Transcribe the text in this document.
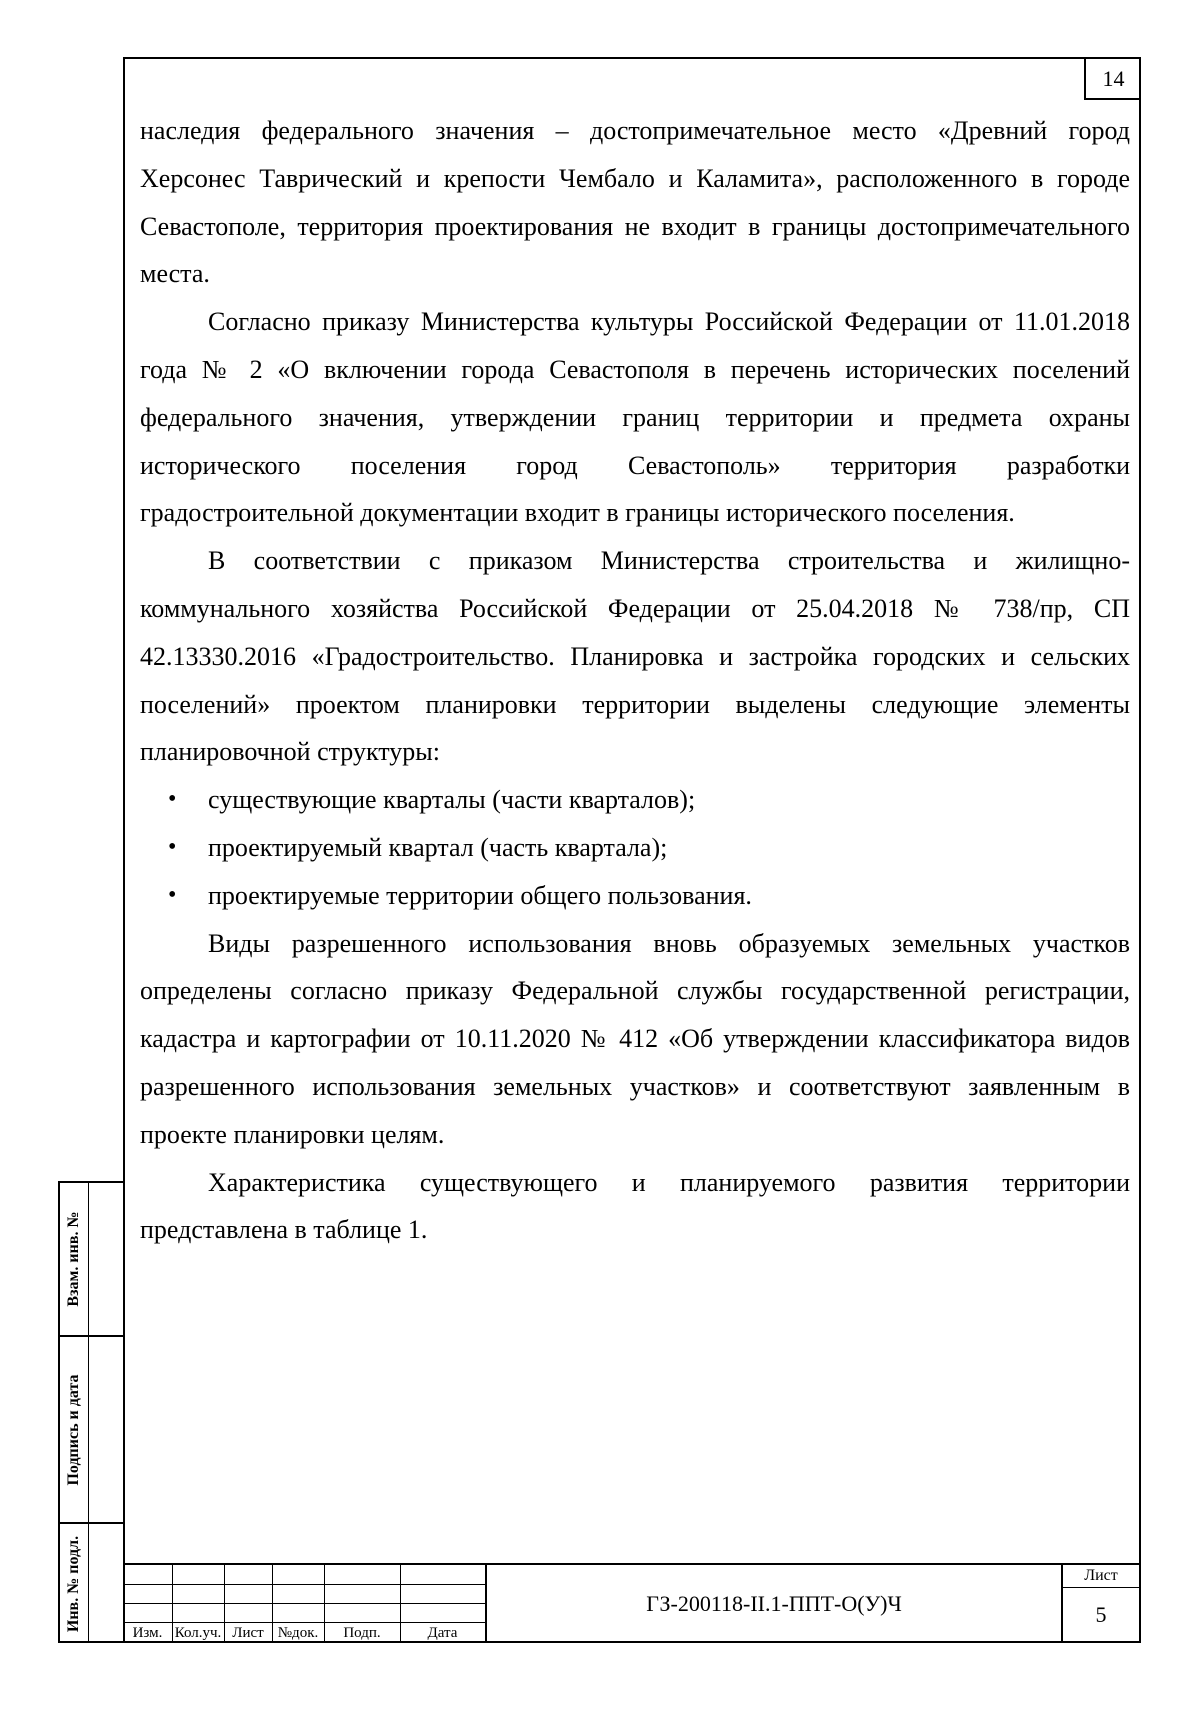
14

наследия федерального значения – достопримечательное место «Древний город Херсонес Таврический и крепости Чембало и Каламита», расположенного в городе Севастополе, территория проектирования не входит в границы достопримечательного места.

Согласно приказу Министерства культуры Российской Федерации от 11.01.2018 года № 2 «О включении города Севастополя в перечень исторических поселений федерального значения, утверждении границ территории и предмета охраны исторического поселения город Севастополь» территория разработки градостроительной документации входит в границы исторического поселения.

В соответствии с приказом Министерства строительства и жилищно-коммунального хозяйства Российской Федерации от 25.04.2018 № 738/пр, СП 42.13330.2016 «Градостроительство. Планировка и застройка городских и сельских поселений» проектом планировки территории выделены следующие элементы планировочной структуры:

• существующие кварталы (части кварталов);
• проектируемый квартал (часть квартала);
• проектируемые территории общего пользования.

Виды разрешенного использования вновь образуемых земельных участков определены согласно приказу Федеральной службы государственной регистрации, кадастра и картографии от 10.11.2020 № 412 «Об утверждении классификатора видов разрешенного использования земельных участков» и соответствуют заявленным в проекте планировки целям.

Характеристика существующего и планируемого развития территории представлена в таблице 1.

Взам. инв. №
Подпись и дата
Инв. № подл.
Изм. Кол.уч. Лист №док.	Подп.	Дата
ГЗ-200118-II.1-ППТ-О(У)Ч
Лист
5
